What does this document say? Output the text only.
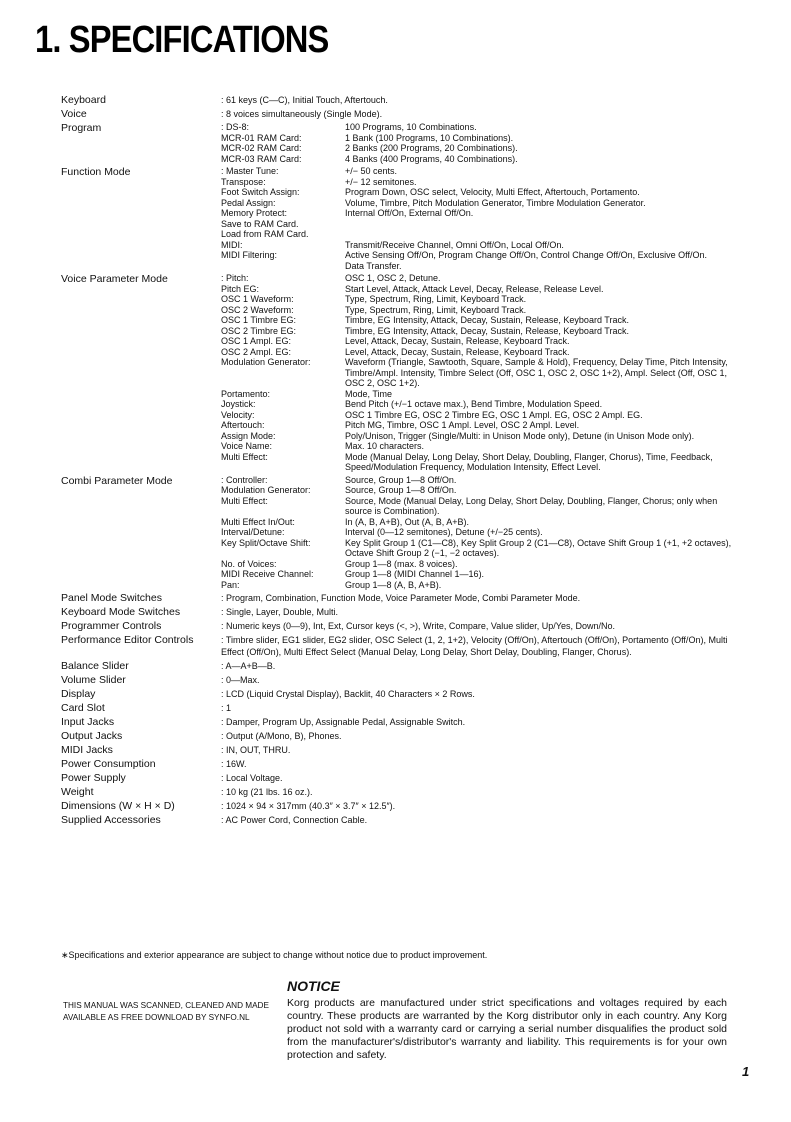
1. SPECIFICATIONS
Keyboard	: 61 keys (C—C), Initial Touch, Aftertouch.
Voice	: 8 voices simultaneously (Single Mode).
Program	: DS-8:	100 Programs, 10 Combinations.
MCR-01 RAM Card:	1 Bank (100 Programs, 10 Combinations).
MCR-02 RAM Card:	2 Banks (200 Programs, 20 Combinations).
MCR-03 RAM Card:	4 Banks (400 Programs, 40 Combinations).
Function Mode	: Master Tune:	+/− 50 cents.
Transpose:	+/− 12 semitones.
Foot Switch Assign:	Program Down, OSC select, Velocity, Multi Effect, Aftertouch, Portamento.
Pedal Assign:	Volume, Timbre, Pitch Modulation Generator, Timbre Modulation Generator.
Memory Protect:	Internal Off/On, External Off/On.
Save to RAM Card.
Load from RAM Card.
MIDI:	Transmit/Receive Channel, Omni Off/On, Local Off/On.
MIDI Filtering:	Active Sensing Off/On, Program Change Off/On, Control Change Off/On, Exclusive Off/On.
Data Transfer.
Voice Parameter Mode	: Pitch:	OSC 1, OSC 2, Detune.
Pitch EG:	Start Level, Attack, Attack Level, Decay, Release, Release Level.
OSC 1 Waveform:	Type, Spectrum, Ring, Limit, Keyboard Track.
OSC 2 Waveform:	Type, Spectrum, Ring, Limit, Keyboard Track.
OSC 1 Timbre EG:	Timbre, EG Intensity, Attack, Decay, Sustain, Release, Keyboard Track.
OSC 2 Timbre EG:	Timbre, EG Intensity, Attack, Decay, Sustain, Release, Keyboard Track.
OSC 1 Ampl. EG:	Level, Attack, Decay, Sustain, Release, Keyboard Track.
OSC 2 Ampl. EG:	Level, Attack, Decay, Sustain, Release, Keyboard Track.
Modulation Generator:	Waveform (Triangle, Sawtooth, Square, Sample & Hold), Frequency, Delay Time, Pitch Intensity, Timbre/Ampl. Intensity, Timbre Select (Off, OSC 1, OSC 2, OSC 1+2), Ampl. Select (Off, OSC 1, OSC 2, OSC 1+2).
Portamento:	Mode, Time
Joystick:	Bend Pitch (+/−1 octave max.), Bend Timbre, Modulation Speed.
Velocity:	OSC 1 Timbre EG, OSC 2 Timbre EG, OSC 1 Ampl. EG, OSC 2 Ampl. EG.
Aftertouch:	Pitch MG, Timbre, OSC 1 Ampl. Level, OSC 2 Ampl. Level.
Assign Mode:	Poly/Unison, Trigger (Single/Multi: in Unison Mode only), Detune (in Unison Mode only).
Voice Name:	Max. 10 characters.
Multi Effect:	Mode (Manual Delay, Long Delay, Short Delay, Doubling, Flanger, Chorus), Time, Feedback, Speed/Modulation Frequency, Modulation Intensity, Effect Level.
Combi Parameter Mode	: Controller:	Source, Group 1—8 Off/On.
Modulation Generator:	Source, Group 1—8 Off/On.
Multi Effect:	Source, Mode (Manual Delay, Long Delay, Short Delay, Doubling, Flanger, Chorus; only when source is Combination).
Multi Effect In/Out:	In (A, B, A+B), Out (A, B, A+B).
Interval/Detune:	Interval (0—12 semitones), Detune (+/−25 cents).
Key Split/Octave Shift:	Key Split Group 1 (C1—C8), Key Split Group 2 (C1—C8), Octave Shift Group 1 (+1, +2 octaves), Octave Shift Group 2 (−1, −2 octaves).
No. of Voices:	Group 1—8 (max. 8 voices).
MIDI Receive Channel:	Group 1—8 (MIDI Channel 1—16).
Pan:	Group 1—8 (A, B, A+B).
Panel Mode Switches	: Program, Combination, Function Mode, Voice Parameter Mode, Combi Parameter Mode.
Keyboard Mode Switches	: Single, Layer, Double, Multi.
Programmer Controls	: Numeric keys (0—9), Int, Ext, Cursor keys (<, >), Write, Compare, Value slider, Up/Yes, Down/No.
Performance Editor Controls	: Timbre slider, EG1 slider, EG2 slider, OSC Select (1, 2, 1+2), Velocity (Off/On), Aftertouch (Off/On), Portamento (Off/On), Multi Effect (Off/On), Multi Effect Select (Manual Delay, Long Delay, Short Delay, Doubling, Flanger, Chorus).
Balance Slider	: A—A+B—B.
Volume Slider	: 0—Max.
Display	: LCD (Liquid Crystal Display), Backlit, 40 Characters × 2 Rows.
Card Slot	: 1
Input Jacks	: Damper, Program Up, Assignable Pedal, Assignable Switch.
Output Jacks	: Output (A/Mono, B), Phones.
MIDI Jacks	: IN, OUT, THRU.
Power Consumption	: 16W.
Power Supply	: Local Voltage.
Weight	: 10 kg (21 lbs. 16 oz.).
Dimensions (W × H × D)	: 1024 × 94 × 317mm (40.3″ × 3.7″ × 12.5″).
Supplied Accessories	: AC Power Cord, Connection Cable.
∗Specifications and exterior appearance are subject to change without notice due to product improvement.
THIS MANUAL WAS SCANNED, CLEANED AND MADE AVAILABLE AS FREE DOWNLOAD BY SYNFO.NL
NOTICE
Korg products are manufactured under strict specifications and voltages required by each country. These products are warranted by the Korg distributor only in each country. Any Korg product not sold with a warranty card or carrying a serial number disqualifies the product sold from the manufacturer's/distributor's warranty and liability. This requirements is for your own protection and safety.
1
